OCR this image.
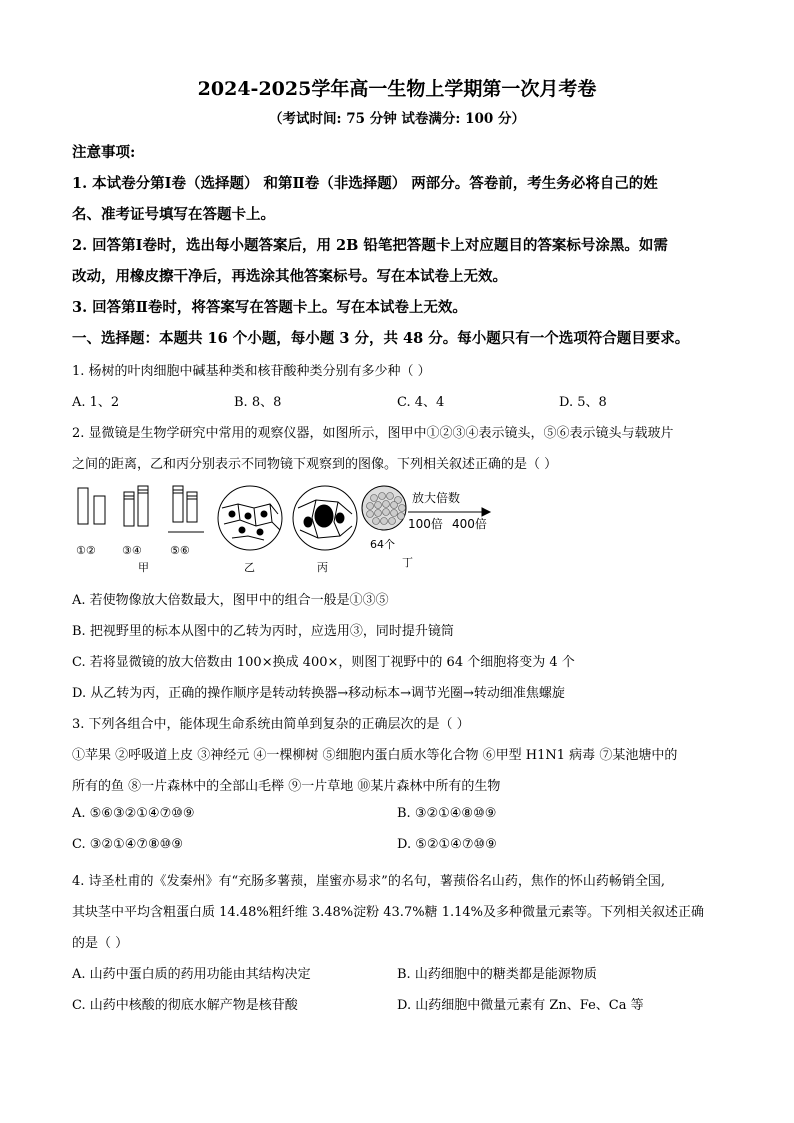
2024-2025学年高一生物上学期第一次月考卷
（考试时间: 75 分钟 试卷满分: 100 分）
注意事项:
1. 本试卷分第Ⅰ卷（选择题） 和第Ⅱ卷（非选择题） 两部分。答卷前，考生务必将自己的姓
名、准考证号填写在答题卡上。
2. 回答第Ⅰ卷时，选出每小题答案后，用 2B 铅笔把答题卡上对应题目的答案标号涂黑。如需
改动，用橡皮擦干净后，再选涂其他答案标号。写在本试卷上无效。
3. 回答第Ⅱ卷时，将答案写在答题卡上。写在本试卷上无效。
一、选择题：本题共 16 个小题，每小题 3 分，共 48 分。每小题只有一个选项符合题目要求。
1. 杨树的叶肉细胞中碱基种类和核苷酸种类分别有多少种（ ）
A. 1、2	B. 8、8	C. 4、4	D. 5、8
2. 显微镜是生物学研究中常用的观察仪器，如图所示，图甲中①②③④表示镜头，⑤⑥表示镜头与载玻片
之间的距离，乙和丙分别表示不同物镜下观察到的图像。下列相关叙述正确的是（ ）
①② ③④	⑤⑥
甲	乙	丙
64个
丁
放大倍数
100倍 400倍
A. 若使物像放大倍数最大，图甲中的组合一般是①③⑤
B. 把视野里的标本从图中的乙转为丙时，应选用③，同时提升镜筒
C. 若将显微镜的放大倍数由 100×换成 400×，则图丁视野中的 64 个细胞将变为 4 个
D. 从乙转为丙，正确的操作顺序是转动转换器→移动标本→调节光圈→转动细准焦螺旋
3. 下列各组合中，能体现生命系统由简单到复杂的正确层次的是（ ）
①苹果 ②呼吸道上皮 ③神经元 ④一棵柳树 ⑤细胞内蛋白质水等化合物 ⑥甲型 H1N1 病毒 ⑦某池塘中的
所有的鱼 ⑧一片森林中的全部山毛榉 ⑨一片草地 ⑩某片森林中所有的生物
A. ⑤⑥③②①④⑦⑩⑨	B. ③②①④⑧⑩⑨
C. ③②①④⑦⑧⑩⑨	D. ⑤②①④⑦⑩⑨
4. 诗圣杜甫的《发秦州》有“充肠多薯蓣，崖蜜亦易求”的名句，薯蓣俗名山药，焦作的怀山药畅销全国,
其块茎中平均含粗蛋白质 14.48%粗纤维 3.48%淀粉 43.7%糖 1.14%及多种微量元素等。下列相关叙述正确
的是（ ）
A. 山药中蛋白质的药用功能由其结构决定	B. 山药细胞中的糖类都是能源物质
C. 山药中核酸的彻底水解产物是核苷酸	D. 山药细胞中微量元素有 Zn、Fe、Ca 等
